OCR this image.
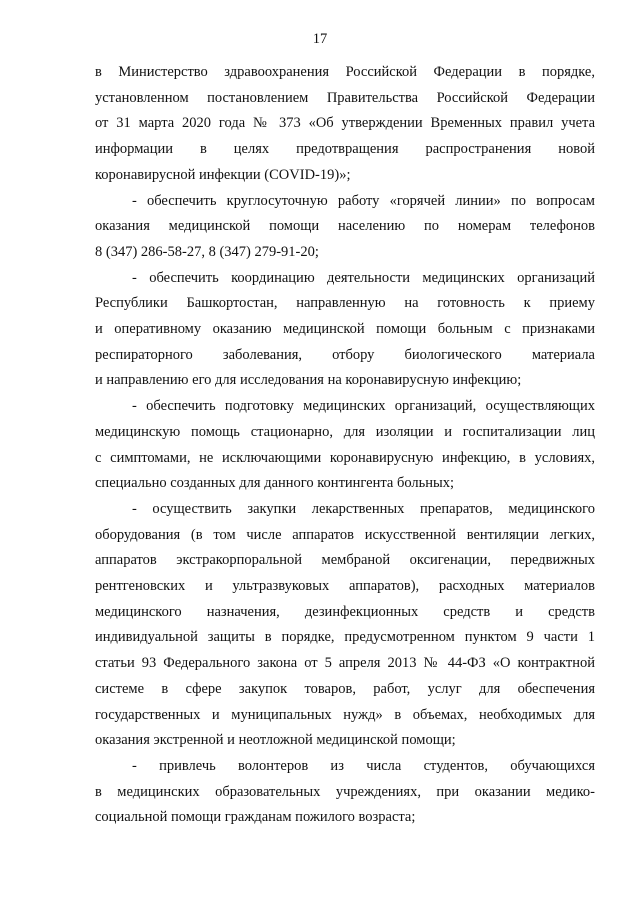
17

в Министерство здравоохранения Российской Федерации в порядке,
установленном постановлением Правительства Российской Федерации
от 31 марта 2020 года № 373 «Об утверждении Временных правил учета
информации в целях предотвращения распространения новой
коронавирусной инфекции (COVID-19)»;

- обеспечить круглосуточную работу «горячей линии» по вопросам
оказания медицинской помощи населению по номерам телефонов
8 (347) 286-58-27, 8 (347) 279-91-20;

- обеспечить координацию деятельности медицинских организаций
Республики Башкортостан, направленную на готовность к приему
и оперативному оказанию медицинской помощи больным с признаками
респираторного заболевания, отбору биологического материала
и направлению его для исследования на коронавирусную инфекцию;

- обеспечить подготовку медицинских организаций, осуществляющих
медицинскую помощь стационарно, для изоляции и госпитализации лиц
с симптомами, не исключающими коронавирусную инфекцию, в условиях,
специально созданных для данного контингента больных;

- осуществить закупки лекарственных препаратов, медицинского
оборудования (в том числе аппаратов искусственной вентиляции легких,
аппаратов экстракорпоральной мембраной оксигенации, передвижных
рентгеновских и ультразвуковых аппаратов), расходных материалов
медицинского назначения, дезинфекционных средств и средств
индивидуальной защиты в порядке, предусмотренном пунктом 9 части 1
статьи 93 Федерального закона от 5 апреля 2013 № 44-ФЗ «О контрактной
системе в сфере закупок товаров, работ, услуг для обеспечения
государственных и муниципальных нужд» в объемах, необходимых для
оказания экстренной и неотложной медицинской помощи;

- привлечь волонтеров из числа студентов, обучающихся
в медицинских образовательных учреждениях, при оказании медико-
социальной помощи гражданам пожилого возраста;
